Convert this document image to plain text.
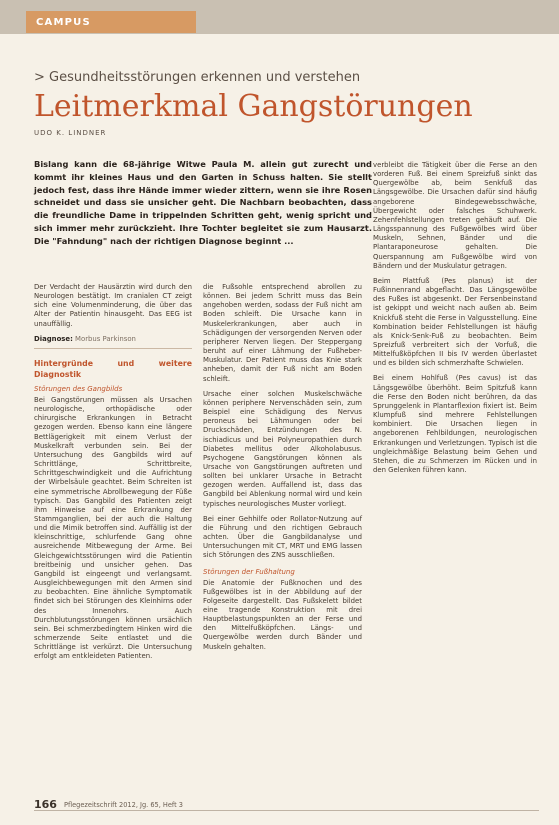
CAMPUS
> Gesundheitsstörungen erkennen und verstehen
Leitmerkmal Gangstörungen
UDO K. LINDNER
Bislang kann die 68-jährige Witwe Paula M. allein gut zurecht und kommt ihr kleines Haus und den Garten in Schuss halten. Sie stellt jedoch fest, dass ihre Hände immer wieder zittern, wenn sie ihre Rosen schneidet und dass sie unsicher geht. Die Nachbarn beobachten, dass die freundliche Dame in trippelnden Schritten geht, wenig spricht und sich immer mehr zurückzieht. Ihre Tochter begleitet sie zum Hausarzt. Die "Fahndung" nach der richtigen Diagnose beginnt ...

Der Verdacht der Hausärztin wird durch den Neurologen bestätigt. Im cranialen CT zeigt sich eine Volumenminderung, die über das Alter der Patientin hinausgeht. Das EEG ist unauffällig.

Diagnose: Morbus Parkinson

Hintergründe und weitere Diagnostik
Störungen des Gangbilds

Bei Gangstörungen müssen als Ursachen neurologische, orthopädische oder chirurgische Erkrankungen in Betracht gezogen werden. Ebenso kann eine längere Bettlägerigkeit mit einem Verlust der Muskelkraft verbunden sein. Bei der Untersuchung des Gangbilds wird auf Schrittlänge, Schrittbreite, Schrittgeschwindigkeit und die Aufrichtung der Wirbelsäule geachtet. Beim Schreiten ist eine symmetrische Abrollbewegung der Füße typisch. Das Gangbild des Patienten zeigt ihm Hinweise auf eine Erkrankung der Stammganglien, bei der auch die Haltung und die Mimik betroffen sind. Auffällig ist der kleinschrittige, schlurfende Gang ohne ausreichende Mitbewegung der Arme. Bei Gleichgewichtsstörungen wird die Patientin breitbeinig und unsicher gehen. Das Gangbild ist eingeengt und verlangsamt. Ausgleichbewegungen mit den Armen sind zu beobachten. Eine ähnliche Symptomatik findet sich bei Störungen des Kleinhirns oder des Innenohrs. Auch Durchblutungsstörungen können ursächlich sein. Bei schmerzbedingtem Hinken wird die schmerzende Seite entlastet und die Schrittlänge ist verkürzt. Die Untersuchung erfolgt am entkleideten Patienten.

die Fußsohle entsprechend abrollen zu können. Bei jedem Schritt muss das Bein angehoben werden, sodass der Fuß nicht am Boden schleift. Die Ursache kann in Muskelerkrankungen, aber auch in Schädigungen der versorgenden Nerven oder peripherer Nerven liegen. Der Steppergang beruht auf einer Lähmung der Fußheber-Muskulatur. Der Patient muss das Knie stark anheben, damit der Fuß nicht am Boden schleift.

Ursache einer solchen Muskelschwäche können periphere Nervenschäden sein, zum Beispiel eine Schädigung des Nervus peroneus bei Lähmungen oder bei Druckschäden, Entzündungen des N. ischiadicus und bei Polyneuropathien durch Diabetes mellitus oder Alkoholabusus. Psychogene Gangstörungen können als Ursache von Gangstörungen auftreten und sollten bei unklarer Ursache in Betracht gezogen werden. Auffallend ist, dass das Gangbild bei Ablenkung normal wird und kein typisches neurologisches Muster vorliegt.

Bei einer Gehhilfe oder Rollator-Nutzung auf die Führung und den richtigen Gebrauch achten. Über die Gangbildanalyse und Untersuchungen mit CT, MRT und EMG lassen sich Störungen des ZNS ausschließen.

Störungen der Fußhaltung

Die Anatomie der Fußknochen und des Fußgewölbes ist in der Abbildung auf der Folgeseite dargestellt. Das Fußskelett bildet eine tragende Konstruktion mit drei Hauptbelastungspunkten an der Ferse und den Mittelfußköpfchen. Längs- und Quergewölbe werden durch Bänder und Muskeln gehalten.

verbleibt die Tätigkeit über die Ferse an den vorderen Fuß. Bei einem Spreizfuß sinkt das Quergewölbe ab, beim Senkfuß das Längsgewölbe. Die Ursachen dafür sind häufig angeborene Bindegewebsschwäche, Übergewicht oder falsches Schuhwerk. Zehenfehlstellungen treten gehäuft auf. Die Längsspannung des Fußgewölbes wird über Muskeln, Sehnen, Bänder und die Plantaraponeurose gehalten. Die Querspannung am Fußgewölbe wird von Bändern und der Muskulatur getragen.

Beim Plattfuß (Pes planus) ist der Fußinnenrand abgeflacht. Das Längsgewölbe des Fußes ist abgesenkt. Der Fersenbeinstand ist gekippt und weicht nach außen ab. Beim Knickfuß steht die Ferse in Valgusstellung. Eine Kombination beider Fehlstellungen ist häufig als Knick-Senk-Fuß zu beobachten. Beim Spreizfuß verbreitert sich der Vorfuß, die Mittelfußköpfchen II bis IV werden überlastet und es bilden sich schmerzhafte Schwielen.

Bei einem Hohlfuß (Pes cavus) ist das Längsgewölbe überhöht. Beim Spitzfuß kann die Ferse den Boden nicht berühren, da das Sprunggelenk in Plantarflexion fixiert ist. Beim Klumpfuß sind mehrere Fehlstellungen kombiniert. Die Ursachen liegen in angeborenen Fehlbildungen, neurologischen Erkrankungen und Verletzungen. Typisch ist die ungleichmäßige Belastung beim Gehen und Stehen, die zu Schmerzen im Rücken und in den Gelenken führen kann.

166 Pflegezeitschrift 2012, Jg. 65, Heft 3
